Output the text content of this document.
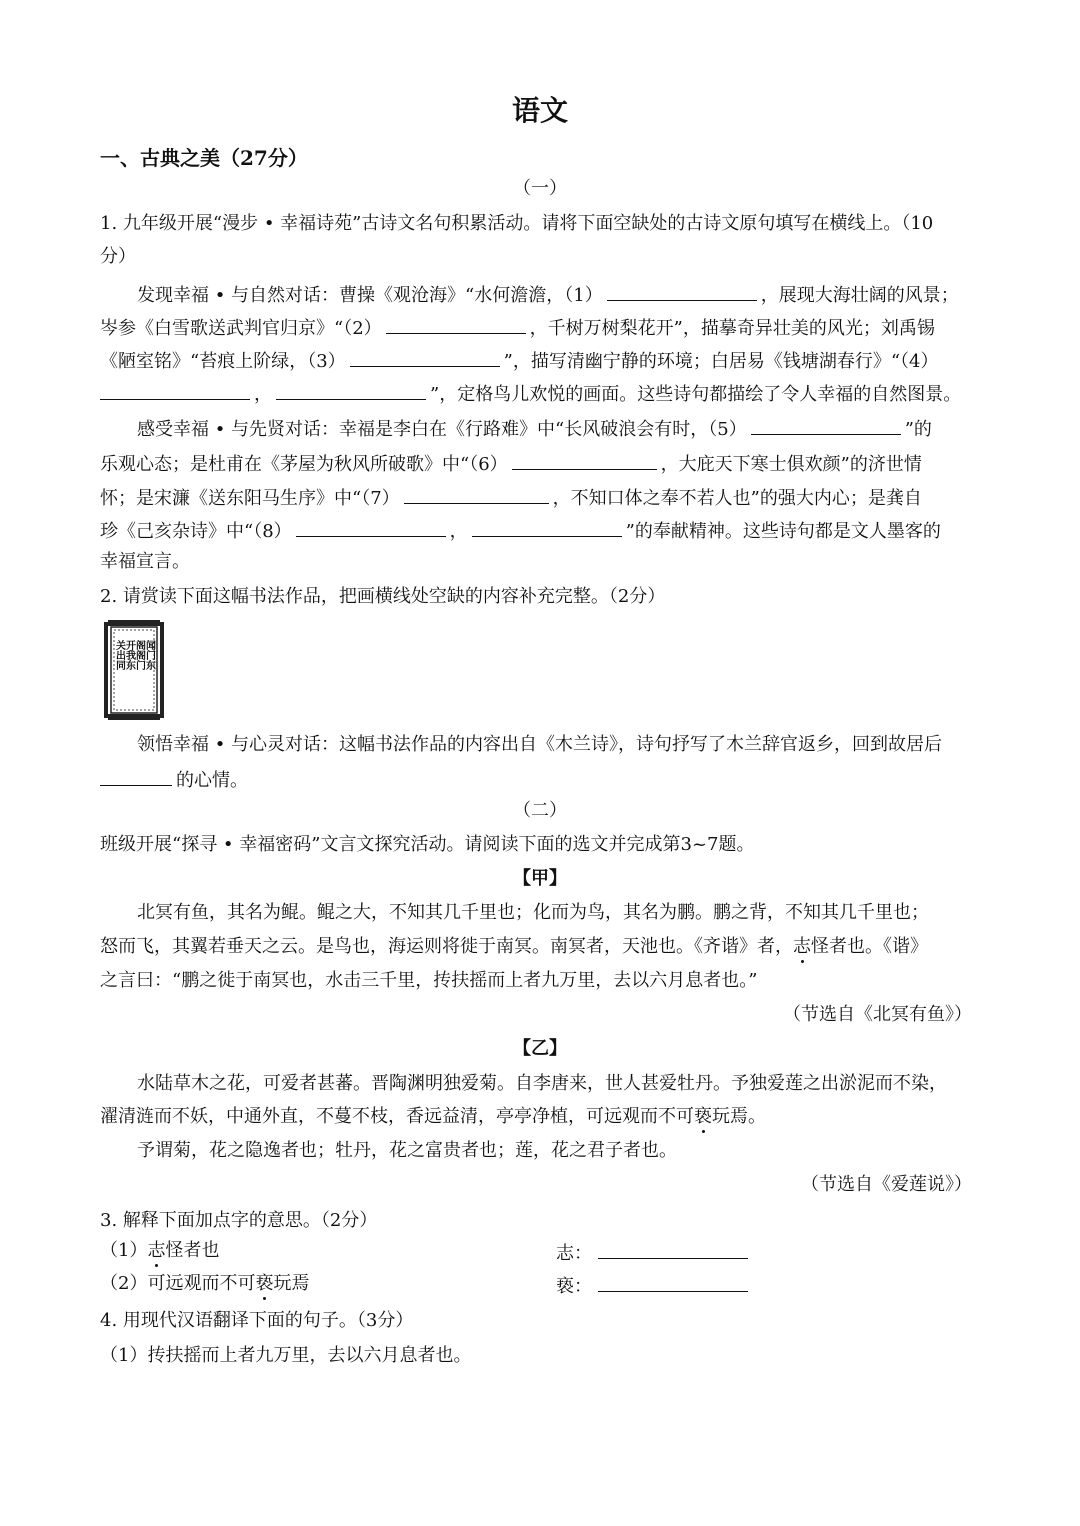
语文
一、古典之美（27分）
（一）
1. 九年级开展“漫步 • 幸福诗苑”古诗文名句积累活动。请将下面空缺处的古诗文原句填写在横线上。（10
分）
发现幸福 • 与自然对话：曹操《观沧海》“水何澹澹，（1）	，展现大海壮阔的风景；
岑参《白雪歌送武判官归京》“（2）	，千树万树梨花开”，描摹奇异壮美的风光；刘禹锡
《陋室铭》“苔痕上阶绿，（3）	”，描写清幽宁静的环境；白居易《钱塘湖春行》“（4）
，	”，定格鸟儿欢悦的画面。这些诗句都描绘了令人幸福的自然图景。
感受幸福 • 与先贤对话：幸福是李白在《行路难》中“长风破浪会有时，（5）	”的
乐观心态；是杜甫在《茅屋为秋风所破歌》中“（6）	，大庇天下寒士俱欢颜”的济世情
怀；是宋濂《送东阳马生序》中“（7）	，不知口体之奉不若人也”的强大内心；是龚自
珍《己亥杂诗》中“（8）	，	”的奉献精神。这些诗句都是文人墨客的
幸福宣言。
2. 请赏读下面这幅书法作品，把画横线处空缺的内容补充完整。（2分）
关出同 开我东 阁阁门 闻门东
领悟幸福 • 与心灵对话：这幅书法作品的内容出自《木兰诗》，诗句抒写了木兰辞官返乡，回到故居后
的心情。
（二）
班级开展“探寻 • 幸福密码”文言文探究活动。请阅读下面的选文并完成第3~7题。
【甲】
北冥有鱼，其名为鲲。鲲之大，不知其几千里也；化而为鸟，其名为鹏。鹏之背，不知其几千里也；
怒而飞，其翼若垂天之云。是鸟也，海运则将徙于南冥。南冥者，天池也。《齐谐》者，志怪者也。《谐》
之言曰：“鹏之徙于南冥也，水击三千里，抟扶摇而上者九万里，去以六月息者也。”
（节选自《北冥有鱼》）
【乙】
水陆草木之花，可爱者甚蕃。晋陶渊明独爱菊。自李唐来，世人甚爱牡丹。予独爱莲之出淤泥而不染，
濯清涟而不妖，中通外直，不蔓不枝，香远益清，亭亭净植，可远观而不可亵玩焉。
予谓菊，花之隐逸者也；牡丹，花之富贵者也；莲，花之君子者也。
（节选自《爱莲说》）
3. 解释下面加点字的意思。（2分）
（1）志怪者也	志：
（2）可远观而不可亵玩焉	亵：
4. 用现代汉语翻译下面的句子。（3分）
（1）抟扶摇而上者九万里，去以六月息者也。
